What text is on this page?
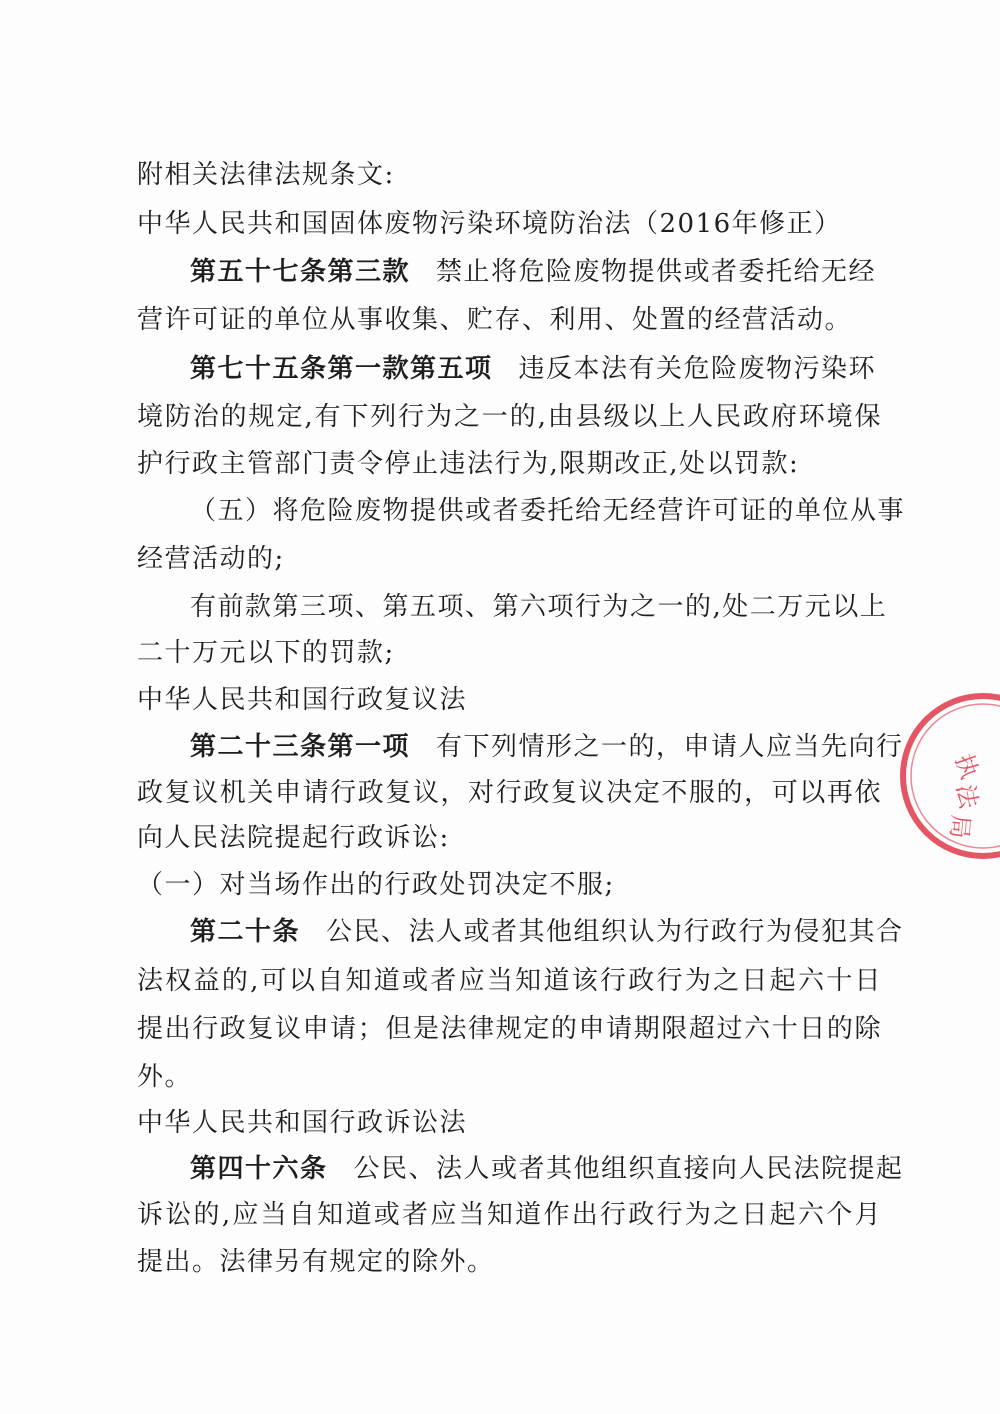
附相关法律法规条文:
中华人民共和国固体废物污染环境防治法（2016年修正）
第五十七条第三款 禁止将危险废物提供或者委托给无经
营许可证的单位从事收集、贮存、利用、处置的经营活动。
第七十五条第一款第五项 违反本法有关危险废物污染环
境防治的规定,有下列行为之一的,由县级以上人民政府环境保
护行政主管部门责令停止违法行为,限期改正,处以罚款:
（五）将危险废物提供或者委托给无经营许可证的单位从事
经营活动的;
有前款第三项、第五项、第六项行为之一的,处二万元以上
二十万元以下的罚款;
中华人民共和国行政复议法
第二十三条第一项 有下列情形之一的，申请人应当先向行
政复议机关申请行政复议，对行政复议决定不服的，可以再依
向人民法院提起行政诉讼:
（一）对当场作出的行政处罚决定不服;
第二十条 公民、法人或者其他组织认为行政行为侵犯其合
法权益的,可以自知道或者应当知道该行政行为之日起六十日
提出行政复议申请；但是法律规定的申请期限超过六十日的除
外。
中华人民共和国行政诉讼法
第四十六条 公民、法人或者其他组织直接向人民法院提起
诉讼的,应当自知道或者应当知道作出行政行为之日起六个月
提出。法律另有规定的除外。
执
法
局
